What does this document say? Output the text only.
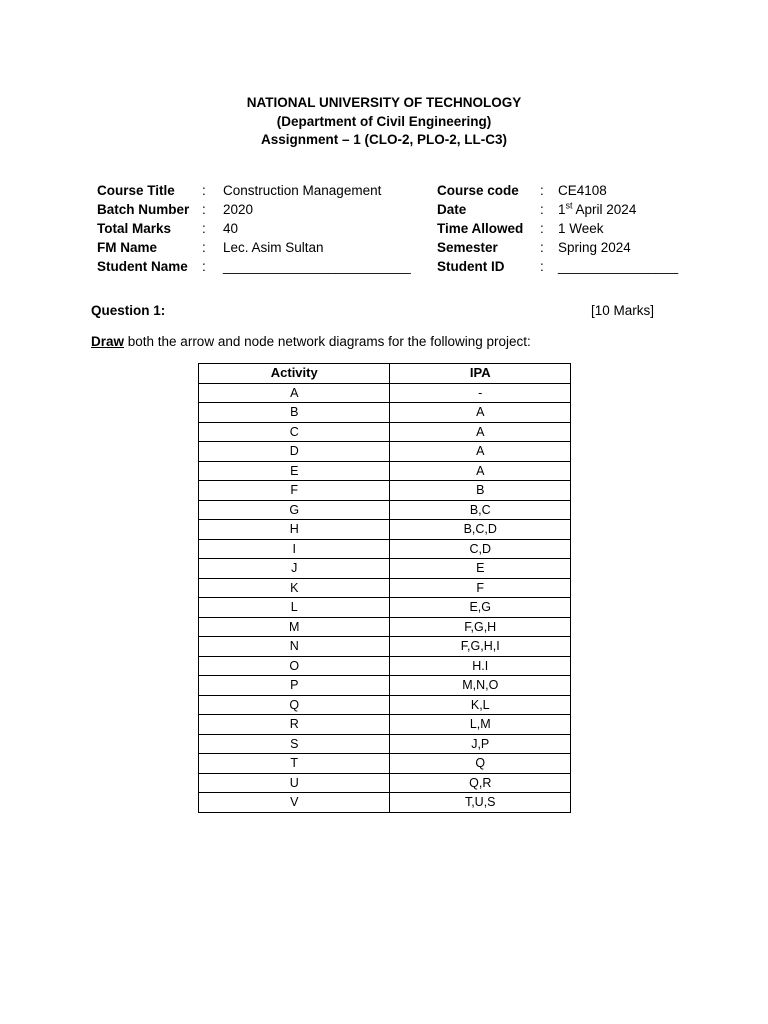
NATIONAL UNIVERSITY OF TECHNOLOGY
(Department of Civil Engineering)
Assignment – 1 (CLO-2, PLO-2, LL-C3)
Course Title	:	Construction Management
Batch Number :	2020
Total Marks	:	40
FM Name	:	Lec. Asim Sultan
Student Name	:	_________________________
Course code	:	CE4108
Date	:	1st April 2024
Time Allowed	:	1 Week
Semester	:	Spring 2024
Student ID	:	________________
Question 1:	[10 Marks]
Draw both the arrow and node network diagrams for the following project:
Activity	IPA
A	-
B	A
C	A
D	A
E	A
F	B
G	B,C
H	B,C,D
I	C,D
J	E
K	F
L	E,G
M	F,G,H
N	F,G,H,I
O	H.I
P	M,N,O
Q	K,L
R	L,M
S	J,P
T	Q
U	Q,R
V	T,U,S
